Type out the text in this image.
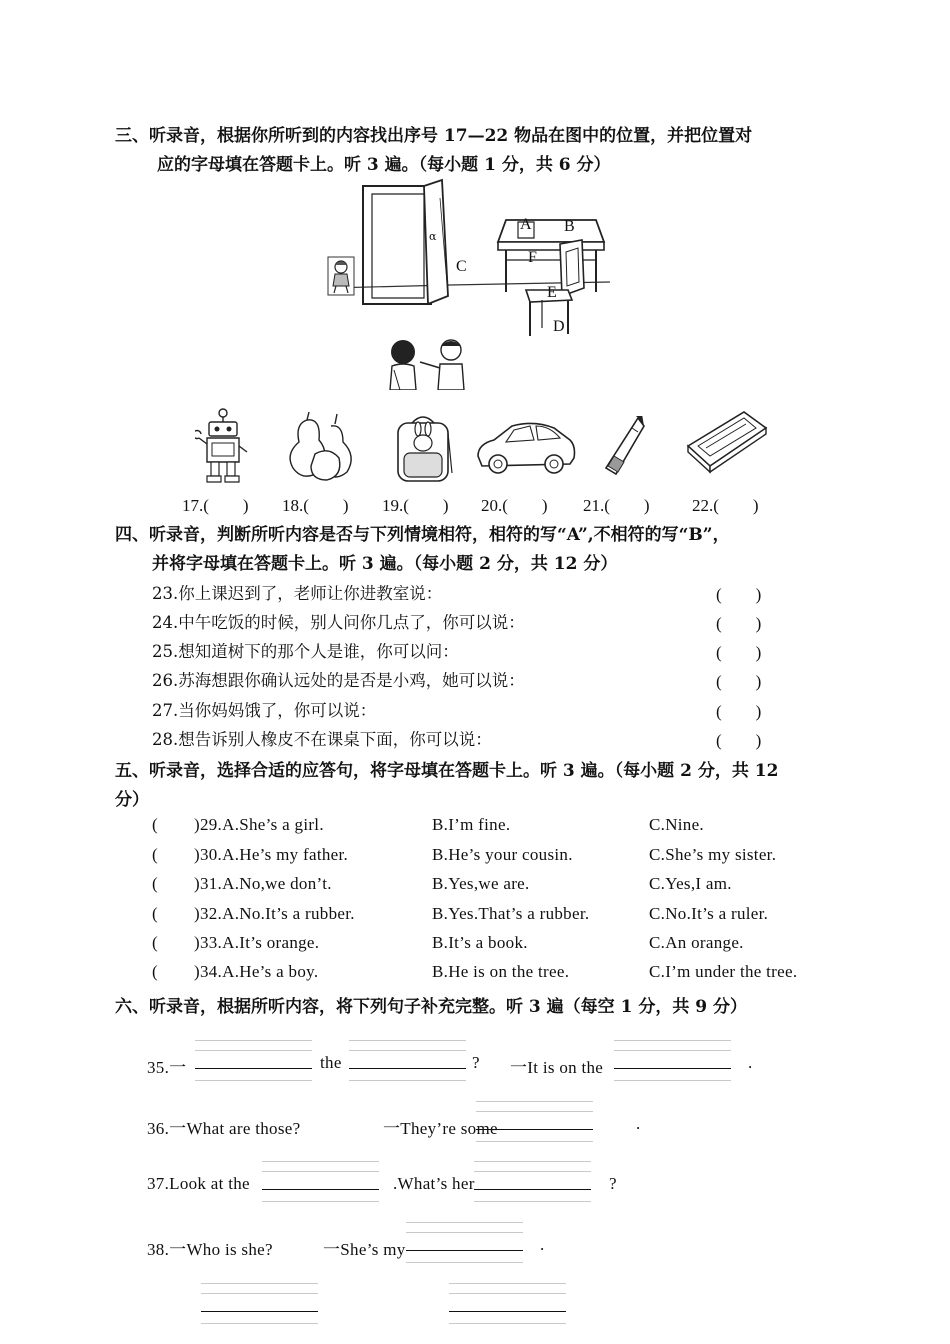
三、听录音，根据你所听到的内容找出序号 17—22 物品在图中的位置，并把位置对
应的字母填在答题卡上。听 3 遍。（每小题 1 分，共 6 分）
α
A B
C
D
E
F
17.(　　) 18.(　　) 19.(　　) 20.(　　) 21.(　　) 22.(　　)
四、听录音，判断所听内容是否与下列情境相符，相符的写“A”,不相符的写“B”，
并将字母填在答题卡上。听 3 遍。（每小题 2 分，共 12 分）
23.你上课迟到了，老师让你进教室说：	(　　)
24.中午吃饭的时候，别人问你几点了，你可以说：	(　　)
25.想知道树下的那个人是谁，你可以问：	(　　)
26.苏海想跟你确认远处的是否是小鸡，她可以说：	(　　)
27.当你妈妈饿了，你可以说：	(　　)
28.想告诉别人橡皮不在课桌下面，你可以说：	(　　)
五、听录音，选择合适的应答句，将字母填在答题卡上。听 3 遍。（每小题 2 分，共 12
分）
( )29.A.She’s a girl.	B.I’m fine.	C.Nine.
( )30.A.He’s my father.	B.He’s your cousin.	C.She’s my sister.
( )31.A.No,we don’t.	B.Yes,we are.	C.Yes,I am.
( )32.A.No.It’s a rubber.	B.Yes.That’s a rubber.	C.No.It’s a ruler.
( )33.A.It’s orange.	B.It’s a book.	C.An orange.
( )34.A.He’s a boy.	B.He is on the tree.	C.I’m under the tree.
六、听录音，根据所听内容，将下列句子补充完整。听 3 遍（每空 1 分，共 9 分）
35.一	the	? 一It is on the	.
36.一What are those?	一They’re some	.
37.Look at the	.What’s her	?
38.一Who is she?	一She’s my	.
